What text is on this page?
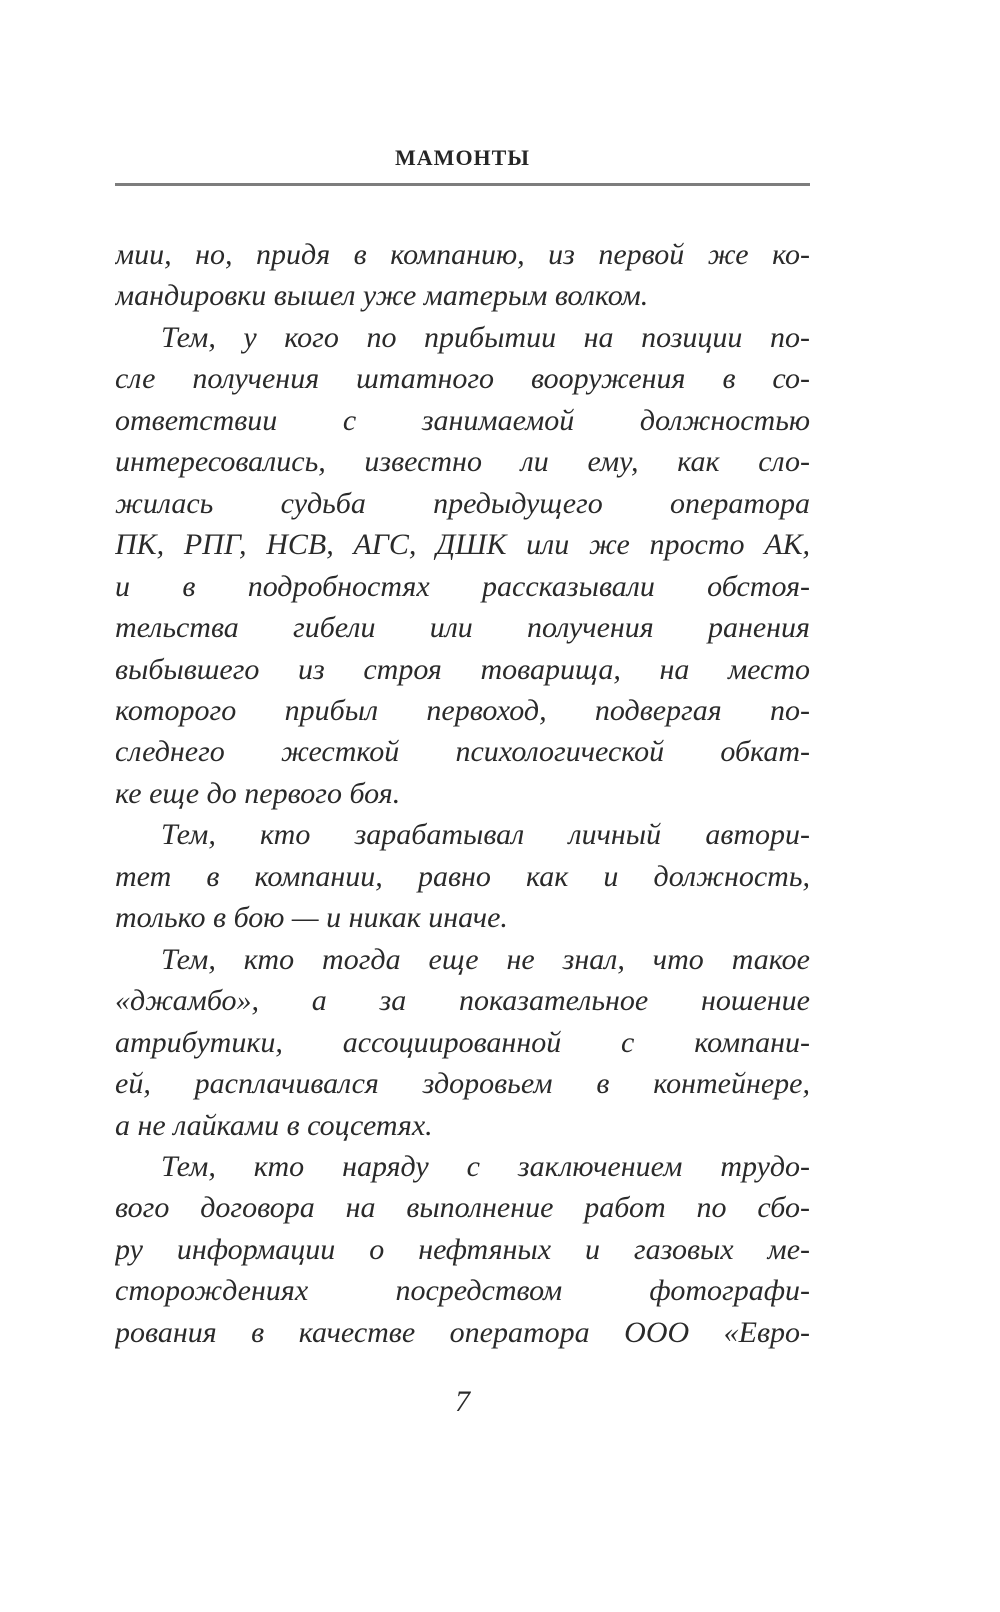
МАМОНТЫ
мии, но, придя в компанию, из первой же ко-
мандировки вышел уже матерым волком.
Тем, у кого по прибытии на позиции по-
сле получения штатного вооружения в со-
ответствии с занимаемой должностью
интересовались, известно ли ему, как сло-
жилась судьба предыдущего оператора
ПК, РПГ, НСВ, АГС, ДШК или же просто АК,
и в подробностях рассказывали обстоя-
тельства гибели или получения ранения
выбывшего из строя товарища, на место
которого прибыл первоход, подвергая по-
следнего жесткой психологической обкат-
ке еще до первого боя.
Тем, кто зарабатывал личный автори-
тет в компании, равно как и должность,
только в бою — и никак иначе.
Тем, кто тогда еще не знал, что такое
«джамбо», а за показательное ношение
атрибутики, ассоциированной с компани-
ей, расплачивался здоровьем в контейнере,
а не лайками в соцсетях.
Тем, кто наряду с заключением трудо-
вого договора на выполнение работ по сбо-
ру информации о нефтяных и газовых ме-
сторождениях посредством фотографи-
рования в качестве оператора ООО «Евро-
7
